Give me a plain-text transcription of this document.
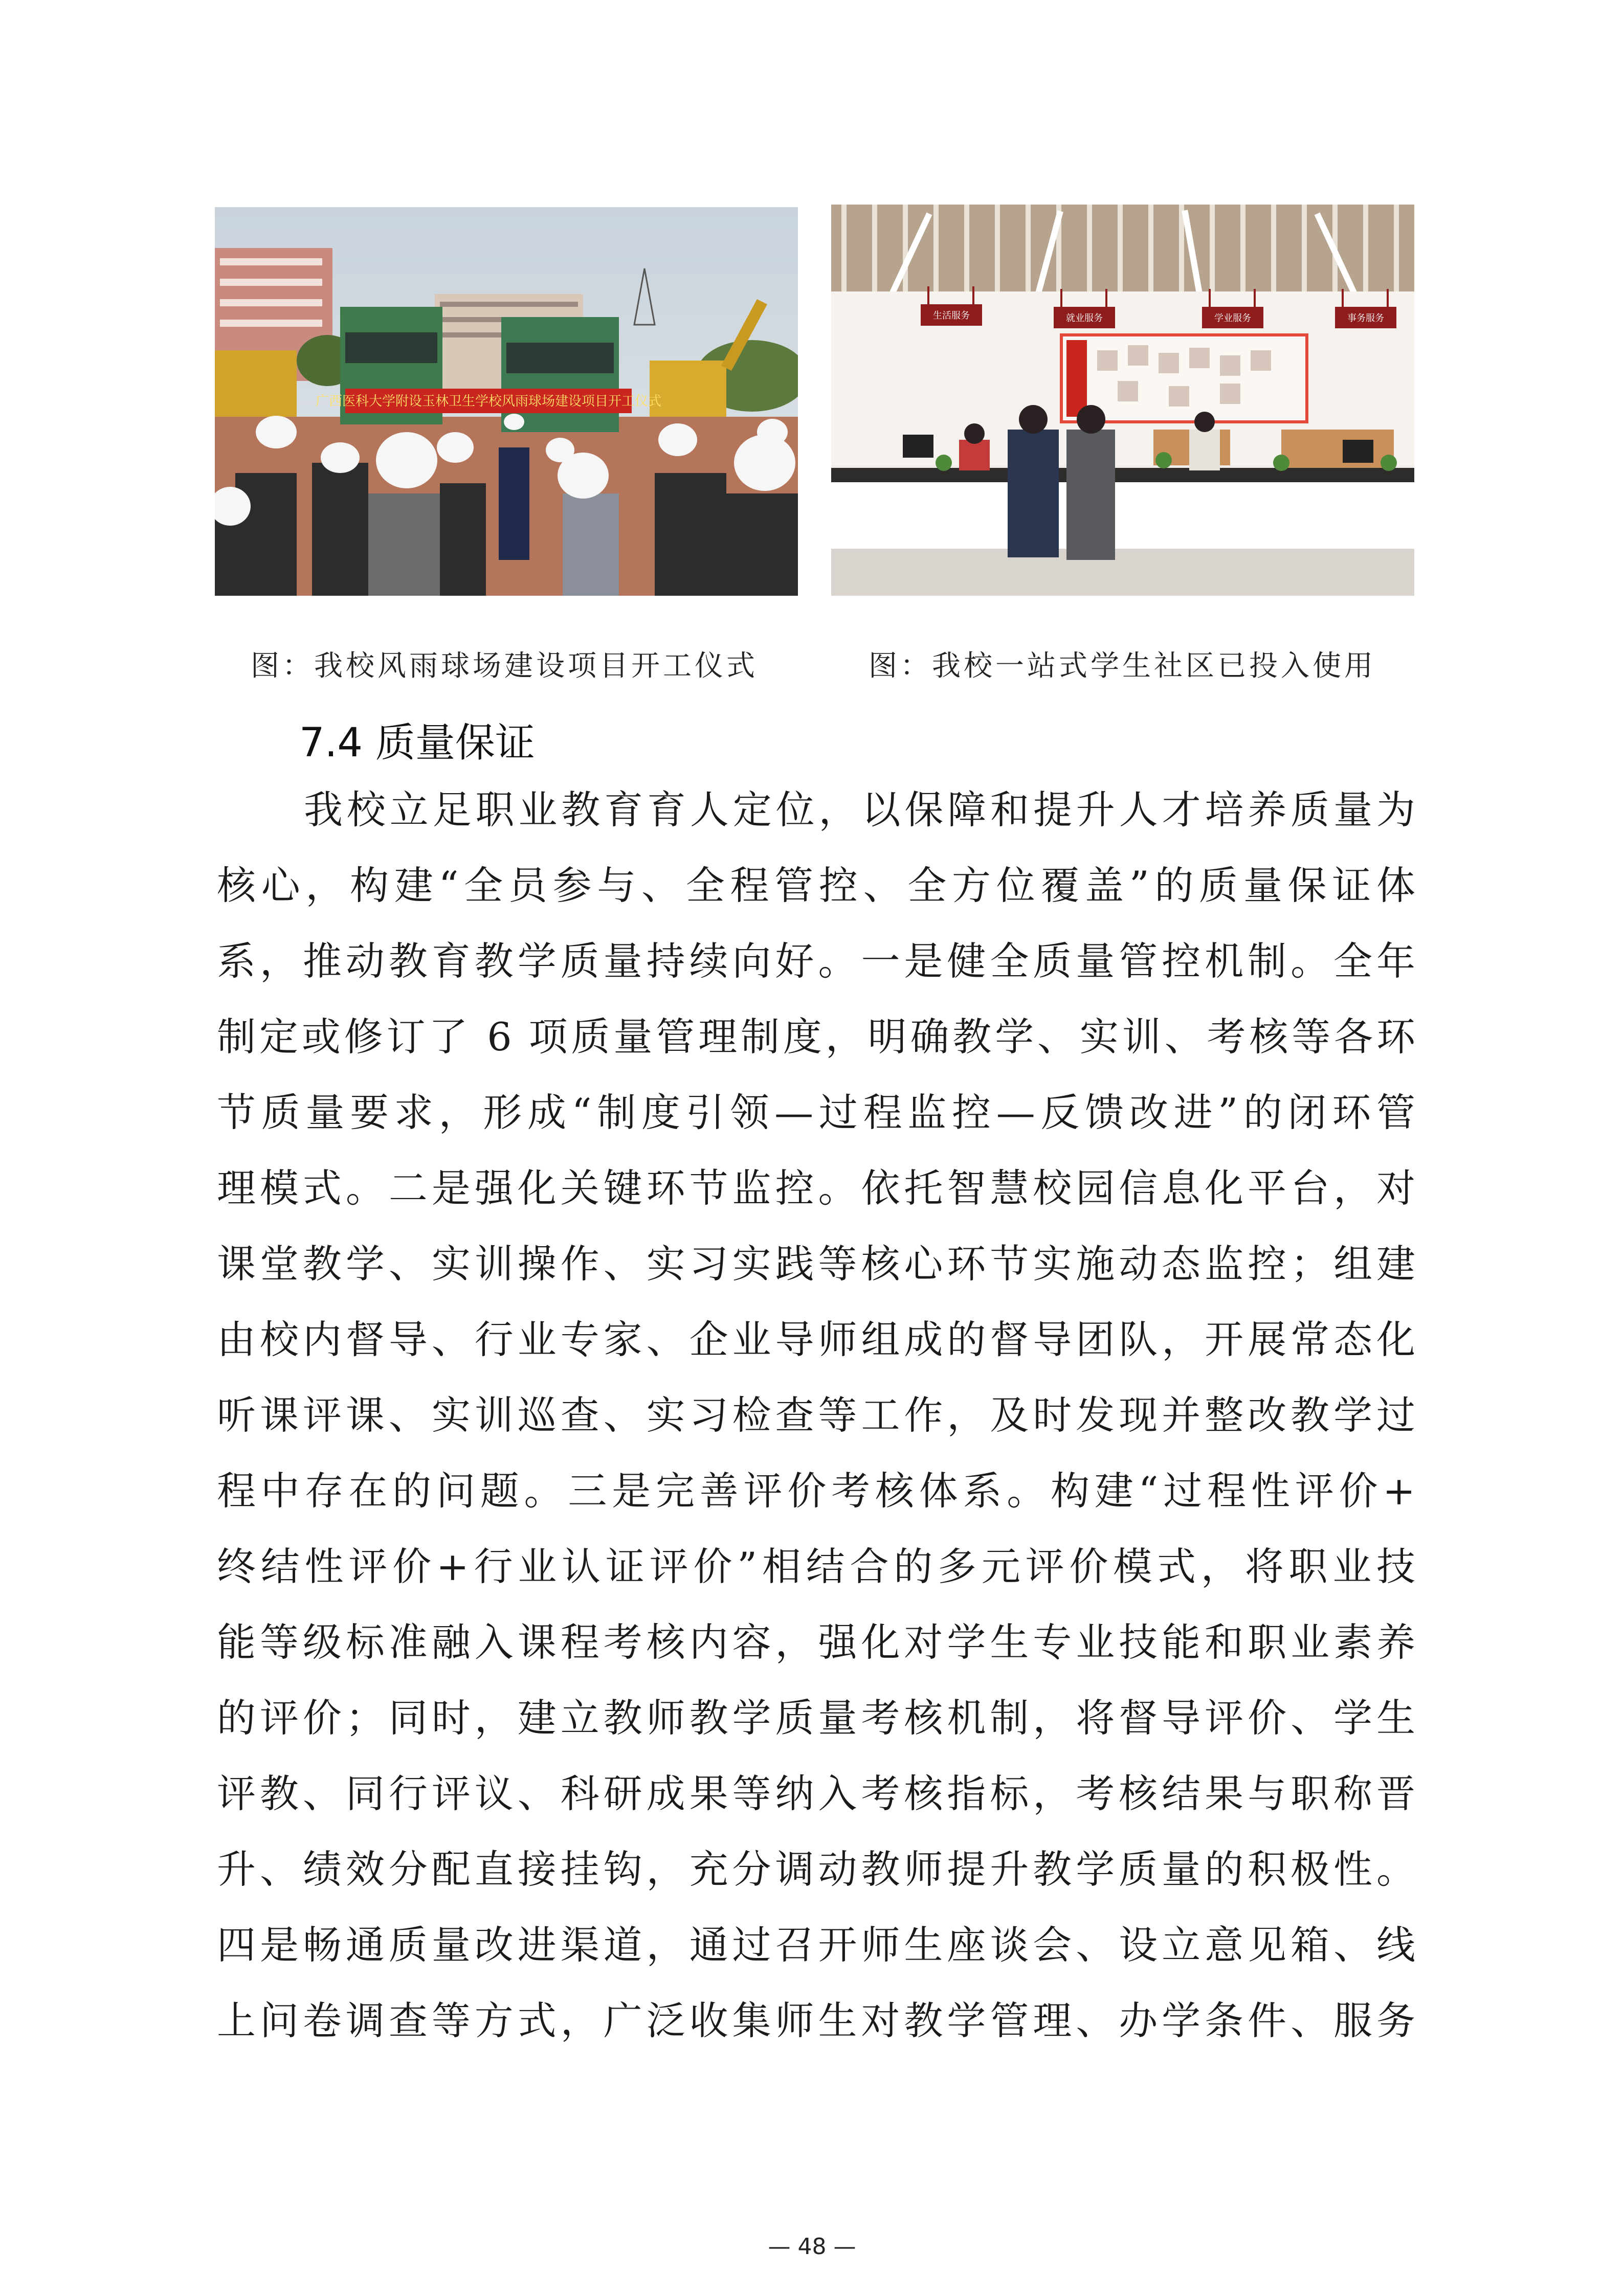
广西医科大学附设玉林卫生学校风雨球场建设项目开工仪式
生活服务	就业服务	学业服务	事务服务
图：我校风雨球场建设项目开工仪式	图：我校一站式学生社区已投入使用
7.4 质量保证
我校立足职业教育育人定位，以保障和提升人才培养质量为
核心，构建“全员参与、全程管控、全方位覆盖”的质量保证体
系，推动教育教学质量持续向好。一是健全质量管控机制。全年
制定或修订了 6 项质量管理制度，明确教学、实训、考核等各环
节质量要求，形成“制度引领—过程监控—反馈改进”的闭环管
理模式。二是强化关键环节监控。依托智慧校园信息化平台，对
课堂教学、实训操作、实习实践等核心环节实施动态监控；组建
由校内督导、行业专家、企业导师组成的督导团队，开展常态化
听课评课、实训巡查、实习检查等工作，及时发现并整改教学过
程中存在的问题。三是完善评价考核体系。构建“过程性评价+
终结性评价+行业认证评价”相结合的多元评价模式，将职业技
能等级标准融入课程考核内容，强化对学生专业技能和职业素养
的评价；同时，建立教师教学质量考核机制，将督导评价、学生
评教、同行评议、科研成果等纳入考核指标，考核结果与职称晋
升、绩效分配直接挂钩，充分调动教师提升教学质量的积极性。
四是畅通质量改进渠道，通过召开师生座谈会、设立意见箱、线
上问卷调查等方式，广泛收集师生对教学管理、办学条件、服务
— 48 —
